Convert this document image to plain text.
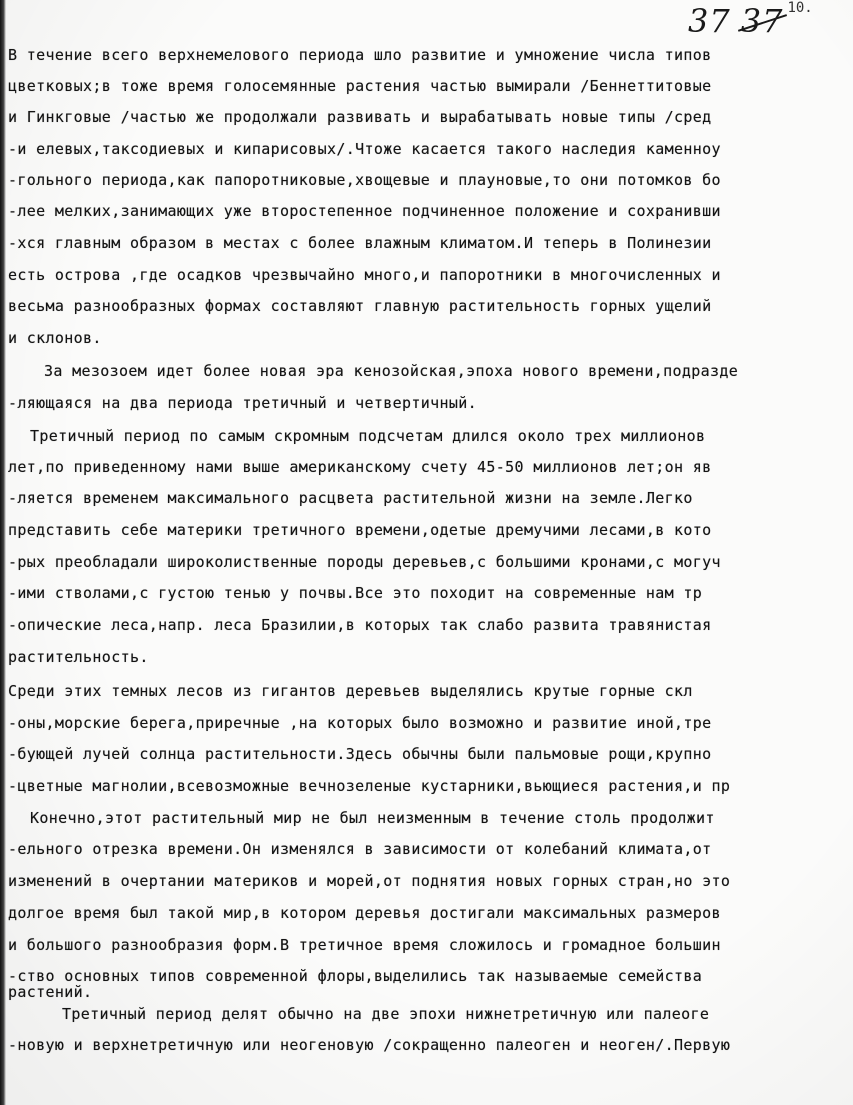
37 37 10.
В течение всего верхнемелового периода шло развитие и умножение числа типов
цветковых;в тоже время голосемянные растения частью вымирали /Беннеттитовые
и Гинкговые /частью же продолжали развивать и вырабатывать новые типы /сред
-и елевых,таксодиевых и кипарисовых/.Чтоже касается такого наследия каменноу
-гольного периода,как папоротниковые,хвощевые и плауновые,то они потомков бо
-лее мелких,занимающих уже второстепенное подчиненное положение и сохранивши
-хся главным образом в местах с более влажным климатом.И теперь в Полинезии
есть острова ,где осадков чрезвычайно много,и папоротники в многочисленных и
весьма разнообразных формах составляют главную растительность горных ущелий
и склонов.
За мезозоем идет более новая эра кенозойская,эпоха нового времени,подразде
-ляющаяся на два периода третичный и четвертичный.
Третичный период по самым скромным подсчетам длился около трех миллионов
лет,по приведенному нами выше американскому счету 45-50 миллионов лет;он яв
-ляется временем максимального расцвета растительной жизни на земле.Легко
представить себе материки третичного времени,одетые дремучими лесами,в кото
-рых преобладали широколиственные породы деревьев,с большими кронами,с могуч
-ими стволами,с густою тенью у почвы.Все это походит на современные нам тр
-опические леса,напр. леса Бразилии,в которых так слабо развита травянистая
растительность.
Среди этих темных лесов из гигантов деревьев выделялись крутые горные скл
-оны,морские берега,приречные ,на которых было возможно и развитие иной,тре
-бующей лучей солнца растительности.Здесь обычны были пальмовые рощи,крупно
-цветные магнолии,всевозможные вечнозеленые кустарники,вьющиеся растения,и пр
Конечно,этот растительный мир не был неизменным в течение столь продолжит
-ельного отрезка времени.Он изменялся в зависимости от колебаний климата,от
изменений в очертании материков и морей,от поднятия новых горных стран,но это
долгое время был такой мир,в котором деревья достигали максимальных размеров
и большого разнообразия форм.В третичное время сложилось и громадное большин
-ство основных типов современной флоры,выделились так называемые семейства
растений.
Третичный период делят обычно на две эпохи нижнетретичную или палеоге
-новую и верхнетретичную или неогеновую /сокращенно палеоген и неоген/.Первую
